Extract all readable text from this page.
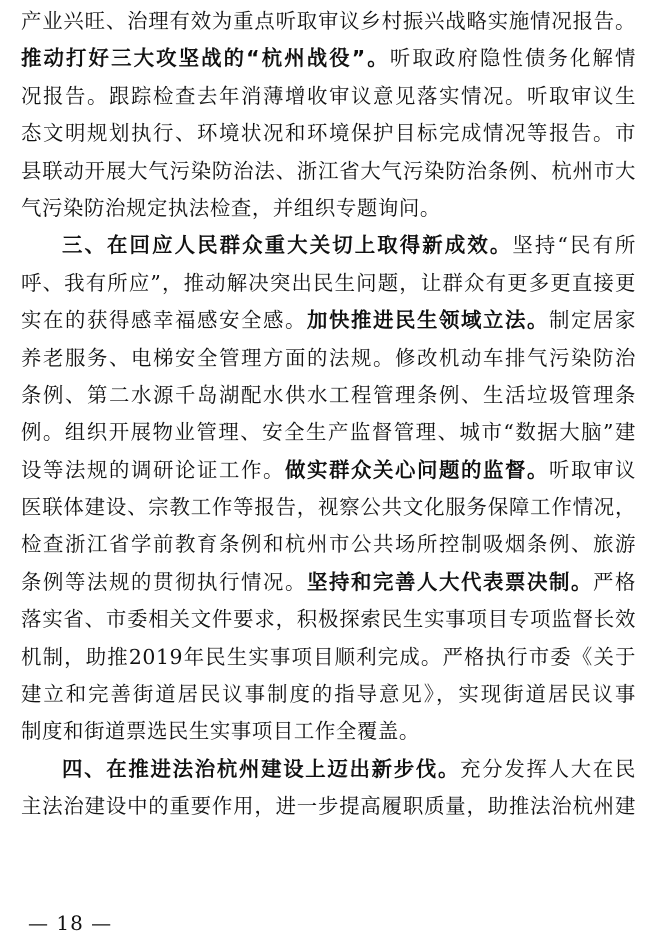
产业兴旺、治理有效为重点听取审议乡村振兴战略实施情况报告。
推动打好三大攻坚战的“杭州战役”。听取政府隐性债务化解情
况报告。跟踪检查去年消薄增收审议意见落实情况。听取审议生
态文明规划执行、环境状况和环境保护目标完成情况等报告。市
县联动开展大气污染防治法、浙江省大气污染防治条例、杭州市大
气污染防治规定执法检查，并组织专题询问。
三、在回应人民群众重大关切上取得新成效。坚持“民有所
呼、我有所应”，推动解决突出民生问题，让群众有更多更直接更
实在的获得感幸福感安全感。加快推进民生领域立法。制定居家
养老服务、电梯安全管理方面的法规。修改机动车排气污染防治
条例、第二水源千岛湖配水供水工程管理条例、生活垃圾管理条
例。组织开展物业管理、安全生产监督管理、城市“数据大脑”建
设等法规的调研论证工作。做实群众关心问题的监督。听取审议
医联体建设、宗教工作等报告，视察公共文化服务保障工作情况，
检查浙江省学前教育条例和杭州市公共场所控制吸烟条例、旅游
条例等法规的贯彻执行情况。坚持和完善人大代表票决制。严格
落实省、市委相关文件要求，积极探索民生实事项目专项监督长效
机制，助推2019年民生实事项目顺利完成。严格执行市委《关于
建立和完善街道居民议事制度的指导意见》，实现街道居民议事
制度和街道票选民生实事项目工作全覆盖。
四、在推进法治杭州建设上迈出新步伐。充分发挥人大在民
主法治建设中的重要作用，进一步提高履职质量，助推法治杭州建
— 18 —
